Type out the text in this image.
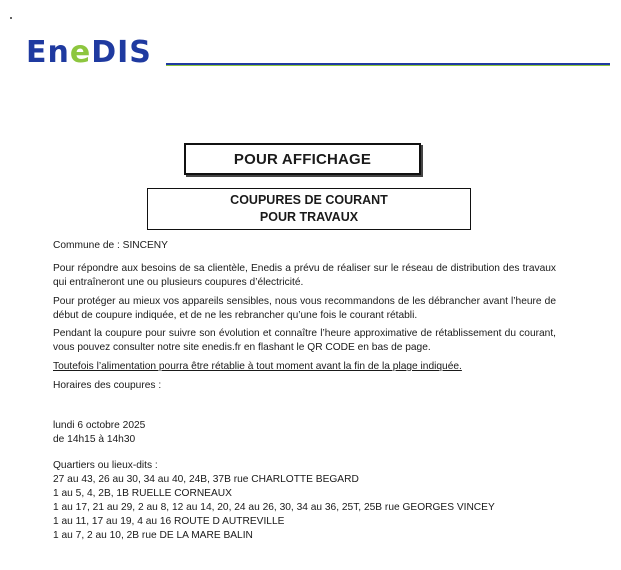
EneDIS
POUR AFFICHAGE
COUPURES DE COURANT
POUR TRAVAUX

Commune de : SINCENY

Pour répondre aux besoins de sa clientèle, Enedis a prévu de réaliser sur le réseau de distribution des travaux qui entraîneront une ou plusieurs coupures d’électricité.

Pour protéger au mieux vos appareils sensibles, nous vous recommandons de les débrancher avant l’heure de début de coupure indiquée, et de ne les rebrancher qu’une fois le courant rétabli.

Pendant la coupure pour suivre son évolution et connaître l’heure approximative de rétablissement du courant, vous pouvez consulter notre site enedis.fr en flashant le QR CODE en bas de page.

Toutefois l’alimentation pourra être rétablie à tout moment avant la fin de la plage indiquée.

Horaires des coupures :

lundi 6 octobre 2025

de 14h15 à 14h30

Quartiers ou lieux-dits :

27 au 43, 26 au 30, 34 au 40, 24B, 37B rue CHARLOTTE BEGARD

1 au 5, 4, 2B, 1B RUELLE CORNEAUX

1 au 17, 21 au 29, 2 au 8, 12 au 14, 20, 24 au 26, 30, 34 au 36, 25T, 25B rue GEORGES VINCEY

1 au 11, 17 au 19, 4 au 16 ROUTE D AUTREVILLE

1 au 7, 2 au 10, 2B rue DE LA MARE BALIN
